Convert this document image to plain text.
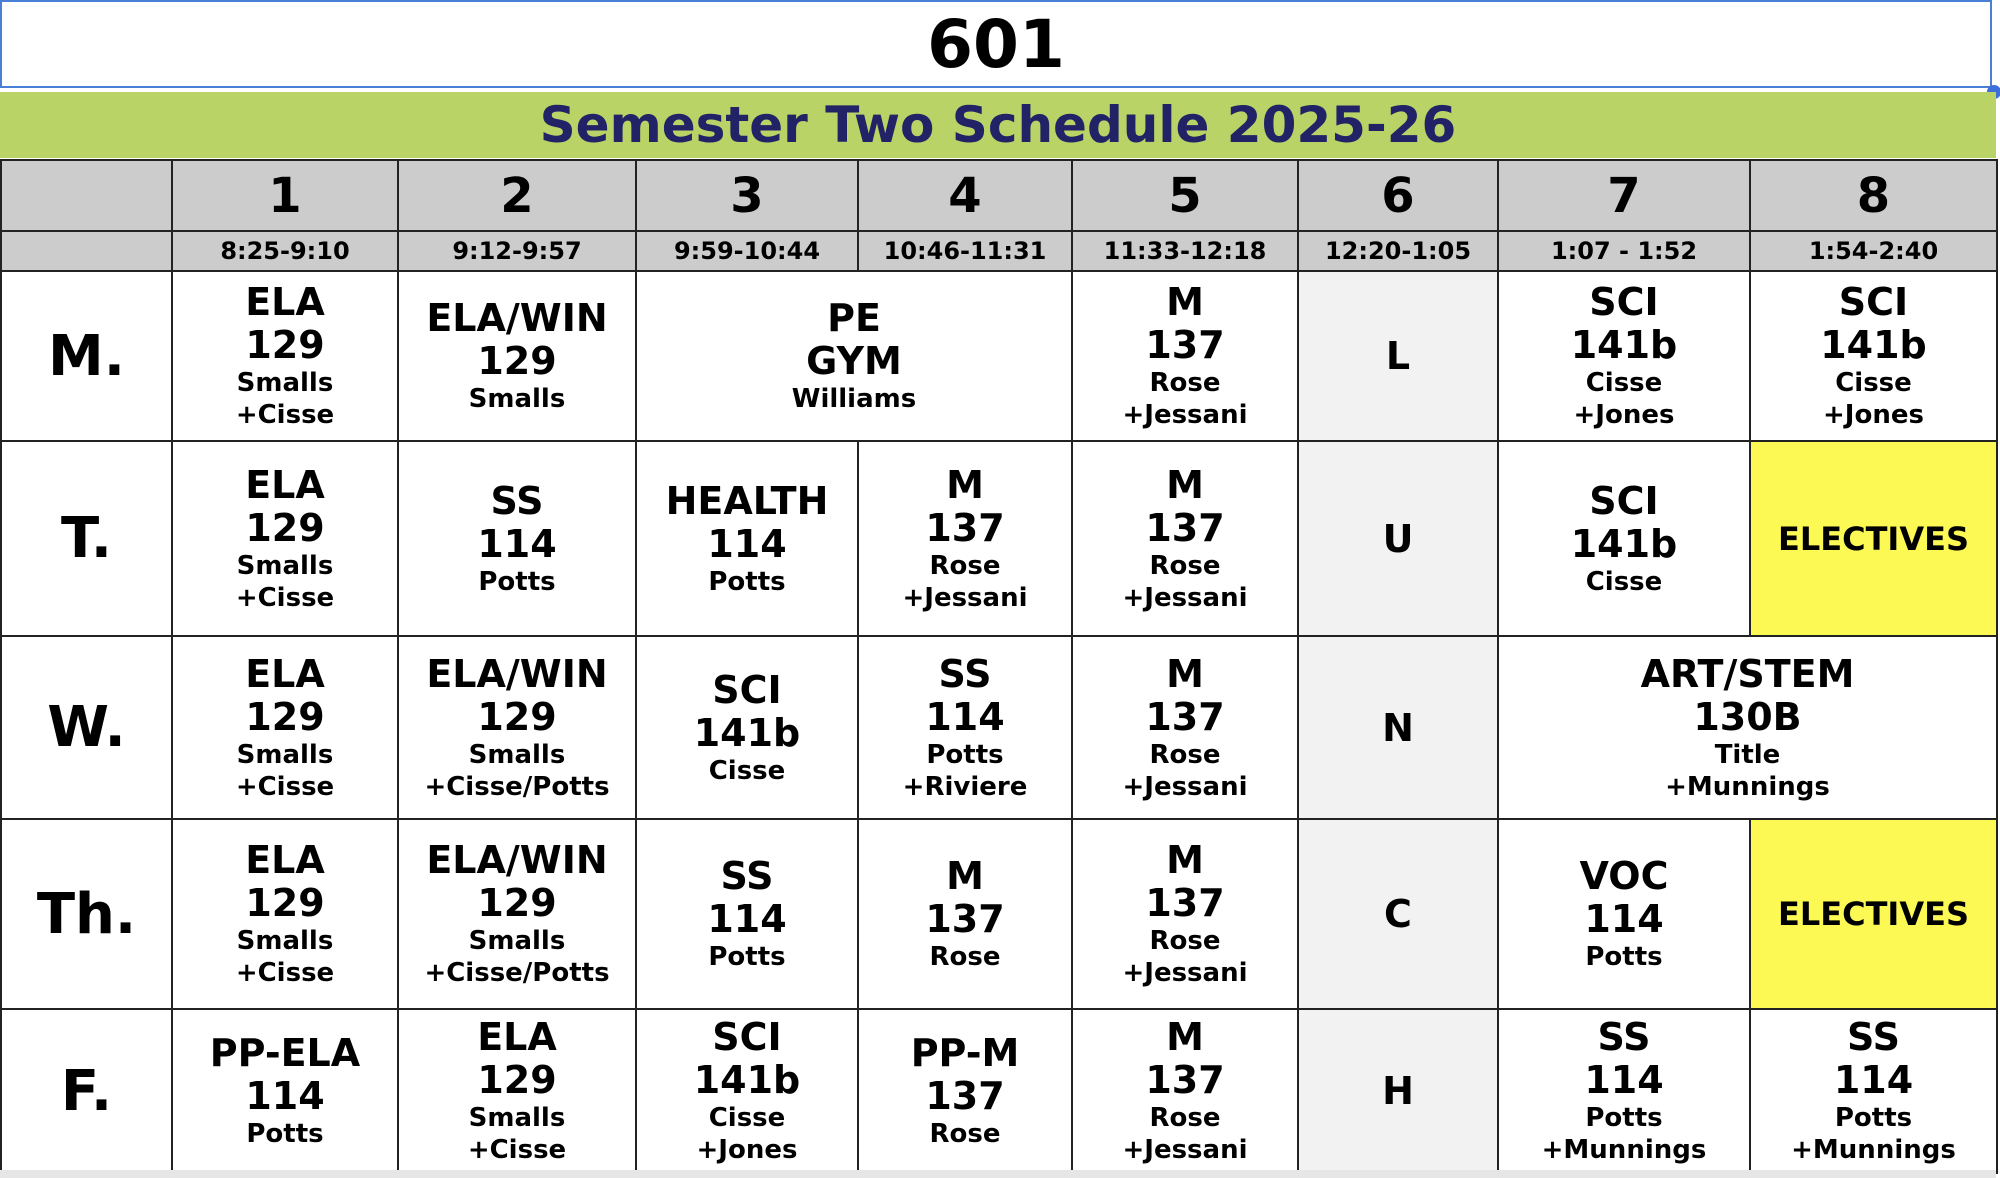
601
Semester Two Schedule 2025-26
	1	2	3	4	5	6	7	8
	8:25-9:10	9:12-9:57	9:59-10:44	10:46-11:31	11:33-12:18	12:20-1:05	1:07 - 1:52	1:54-2:40
M.	ELA
129
Smalls
+Cisse	ELA/WIN
129
Smalls	PE
GYM
Williams		M
137
Rose
+Jessani	L	SCI
141b
Cisse
+Jones	SCI
141b
Cisse
+Jones

T.	ELA
129
Smalls
+Cisse	SS
114
Potts	HEALTH
114
Potts	M
137
Rose
+Jessani	M
137
Rose
+Jessani	U	SCI
141b
Cisse	ELECTIVES
W.	ELA
129
Smalls
+Cisse	ELA/WIN
129
Smalls
+Cisse/Potts	SCI
141b
Cisse	SS
114
Potts
+Riviere	M
137
Rose
+Jessani	N	ART/STEM
130B
Title
+Munnings	

Th.	ELA
129
Smalls
+Cisse	ELA/WIN
129
Smalls
+Cisse/Potts	SS
114
Potts	M
137
Rose	M
137
Rose
+Jessani	C	VOC
114
Potts	ELECTIVES
F.	PP-ELA
114
Potts	ELA
129
Smalls
+Cisse	SCI
141b
Cisse
+Jones	PP-M
137
Rose	M
137
Rose
+Jessani	H	SS
114
Potts
+Munnings	SS
114
Potts
+Munnings
